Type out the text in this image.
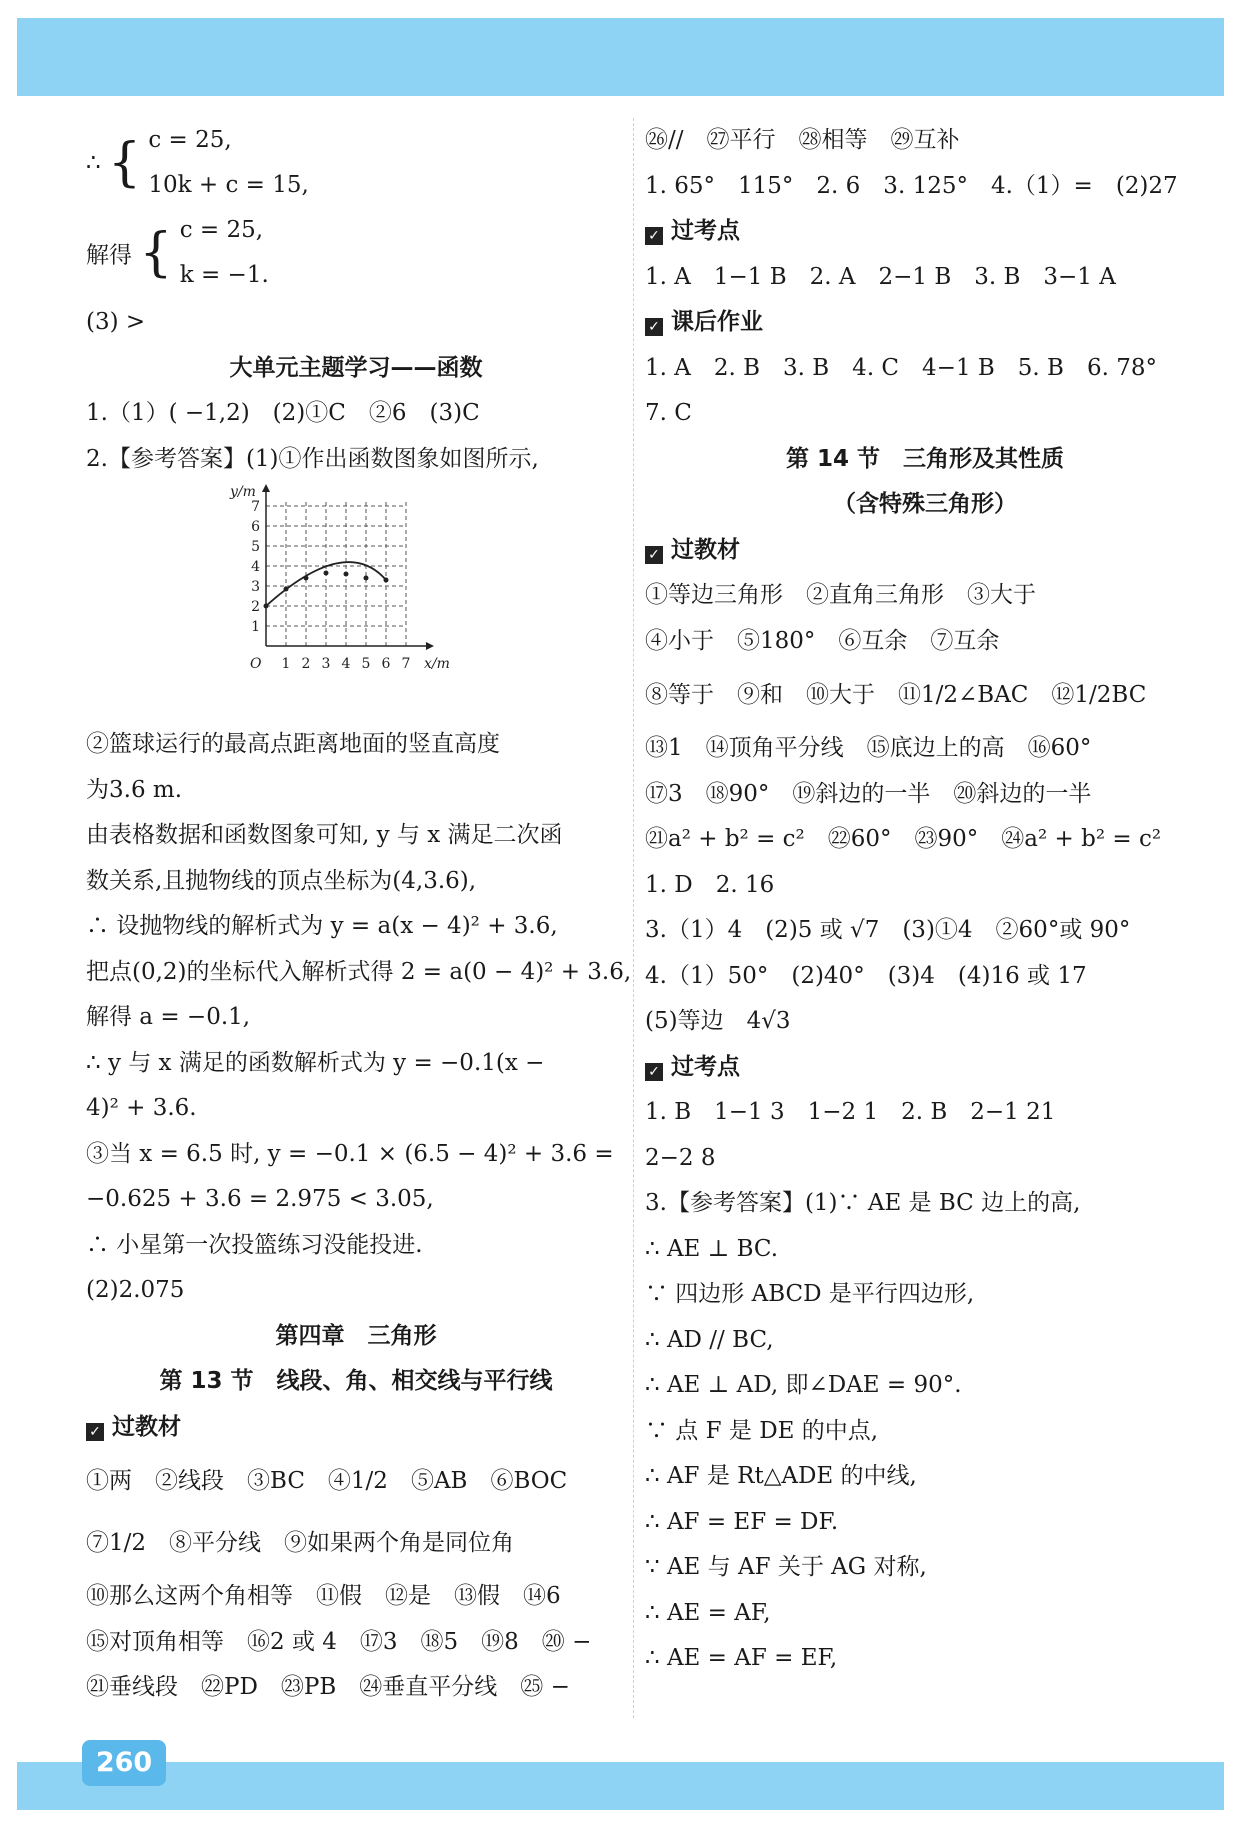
∴ { c = 25,
10k + c = 15,
解得 { c = 25,
k = −1.
(3) >
大单元主题学习——函数
1.（1）( −1,2)　(2)①C　②6　(3)C
2.【参考答案】(1)①作出函数图象如图所示,
y/m
x/m
O 1 2 3 4 5 6 7
1
2
3
4
5
6
7
②篮球运行的最高点距离地面的竖直高度
为3.6 m.
由表格数据和函数图象可知, y 与 x 满足二次函
数关系,且抛物线的顶点坐标为(4,3.6),
∴ 设抛物线的解析式为 y = a(x − 4)² + 3.6,
把点(0,2)的坐标代入解析式得 2 = a(0 − 4)² + 3.6,
解得 a = −0.1,
∴ y 与 x 满足的函数解析式为 y = −0.1(x −
4)² + 3.6.
③当 x = 6.5 时, y = −0.1 × (6.5 − 4)² + 3.6 =
−0.625 + 3.6 = 2.975 < 3.05,
∴ 小星第一次投篮练习没能投进.
(2)2.075
第四章　三角形
第 13 节　线段、角、相交线与平行线
✓ 过教材
①两　②线段　③BC　④1/2　⑤AB　⑥BOC
⑦1/2　⑧平分线　⑨如果两个角是同位角
⑩那么这两个角相等　⑪假　⑫是　⑬假　⑭6
⑮对顶角相等　⑯2 或 4　⑰3　⑱5　⑲8　⑳ −
㉑垂线段　㉒PD　㉓PB　㉔垂直平分线　㉕ −
㉖//　㉗平行　㉘相等　㉙互补
1. 65°　115°　2. 6　3. 125°　4.（1）=　(2)27
✓ 过考点
1. A　1−1 B　2. A　2−1 B　3. B　3−1 A
✓ 课后作业
1. A　2. B　3. B　4. C　4−1 B　5. B　6. 78°
7. C
第 14 节　三角形及其性质
（含特殊三角形）
✓ 过教材
①等边三角形　②直角三角形　③大于
④小于　⑤180°　⑥互余　⑦互余
⑧等于　⑨和　⑩大于　⑪1/2∠BAC　⑫1/2BC
⑬1　⑭顶角平分线　⑮底边上的高　⑯60°
⑰3　⑱90°　⑲斜边的一半　⑳斜边的一半
㉑a² + b² = c²　㉒60°　㉓90°　㉔a² + b² = c²
1. D　2. 16
3.（1）4　(2)5 或 √7　(3)①4　②60°或 90°
4.（1）50°　(2)40°　(3)4　(4)16 或 17
(5)等边　4√3
✓ 过考点
1. B　1−1 3　1−2 1　2. B　2−1 21
2−2 8
3.【参考答案】(1)∵ AE 是 BC 边上的高,
∴ AE ⊥ BC.
∵ 四边形 ABCD 是平行四边形,
∴ AD // BC,
∴ AE ⊥ AD, 即∠DAE = 90°.
∵ 点 F 是 DE 的中点,
∴ AF 是 Rt△ADE 的中线,
∴ AF = EF = DF.
∵ AE 与 AF 关于 AG 对称,
∴ AE = AF,
∴ AE = AF = EF,
260
